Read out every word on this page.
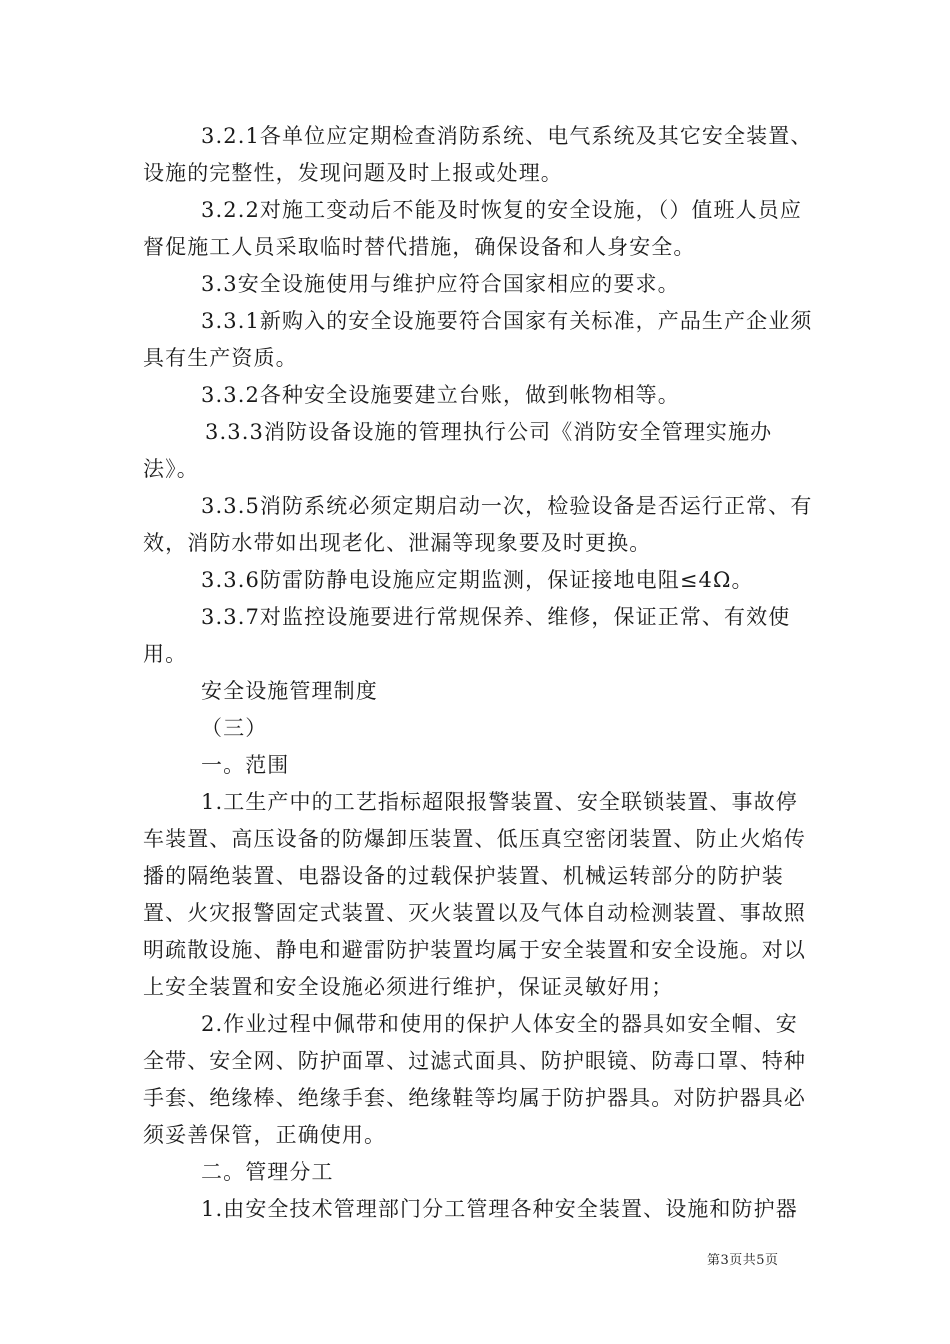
3.2.1各单位应定期检查消防系统、电气系统及其它安全装置、设施的完整性，发现问题及时上报或处理。

3.2.2对施工变动后不能及时恢复的安全设施，（）值班人员应督促施工人员采取临时替代措施，确保设备和人身安全。

3.3安全设施使用与维护应符合国家相应的要求。

3.3.1新购入的安全设施要符合国家有关标准，产品生产企业须具有生产资质。

3.3.2各种安全设施要建立台账，做到帐物相等。

3.3.3消防设备设施的管理执行公司《消防安全管理实施办法》。

3.3.5消防系统必须定期启动一次，检验设备是否运行正常、有效，消防水带如出现老化、泄漏等现象要及时更换。

3.3.6防雷防静电设施应定期监测，保证接地电阻≤4Ω。

3.3.7对监控设施要进行常规保养、维修，保证正常、有效使用。

安全设施管理制度

（三）

一。范围

1.工生产中的工艺指标超限报警装置、安全联锁装置、事故停车装置、高压设备的防爆卸压装置、低压真空密闭装置、防止火焰传播的隔绝装置、电器设备的过载保护装置、机械运转部分的防护装置、火灾报警固定式装置、灭火装置以及气体自动检测装置、事故照明疏散设施、静电和避雷防护装置均属于安全装置和安全设施。对以上安全装置和安全设施必须进行维护，保证灵敏好用；

2.作业过程中佩带和使用的保护人体安全的器具如安全帽、安全带、安全网、防护面罩、过滤式面具、防护眼镜、防毒口罩、特种手套、绝缘棒、绝缘手套、绝缘鞋等均属于防护器具。对防护器具必须妥善保管，正确使用。

二。管理分工

1.由安全技术管理部门分工管理各种安全装置、设施和防护器

第3页共5页
